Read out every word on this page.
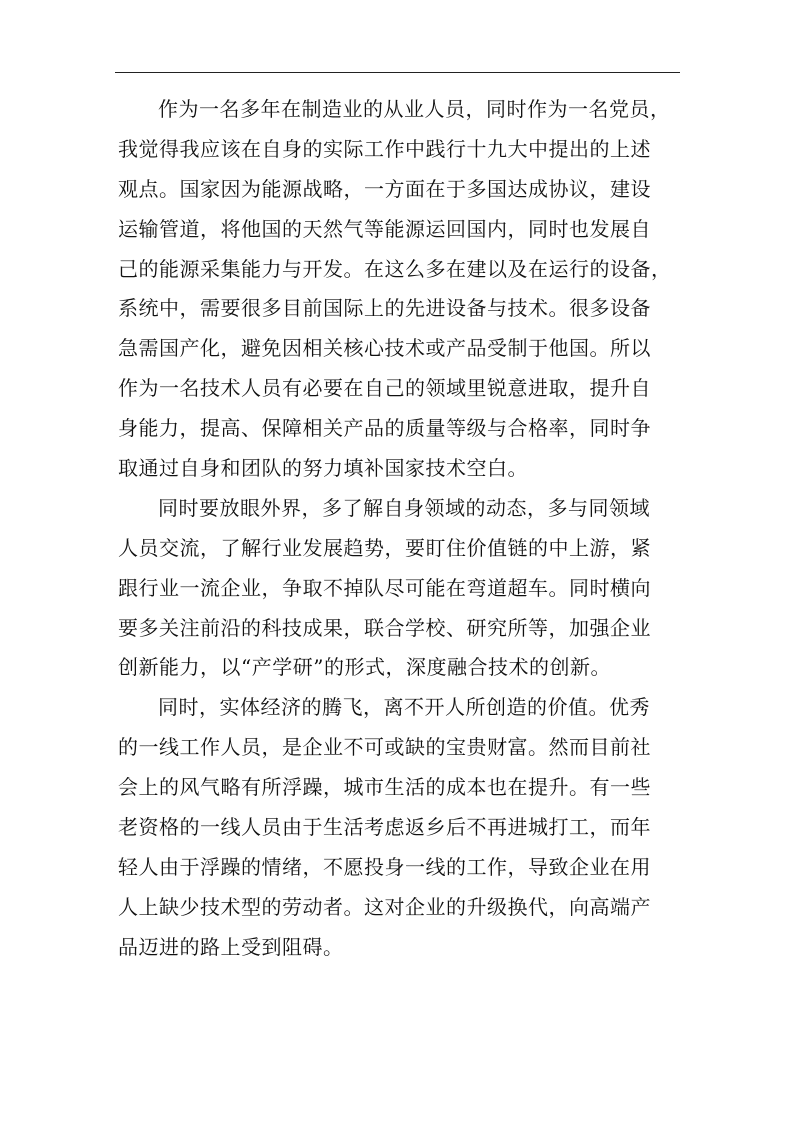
作为一名多年在制造业的从业人员，同时作为一名党员，
我觉得我应该在自身的实际工作中践行十九大中提出的上述
观点。国家因为能源战略，一方面在于多国达成协议，建设
运输管道，将他国的天然气等能源运回国内，同时也发展自
己的能源采集能力与开发。在这么多在建以及在运行的设备，
系统中，需要很多目前国际上的先进设备与技术。很多设备
急需国产化，避免因相关核心技术或产品受制于他国。所以
作为一名技术人员有必要在自己的领域里锐意进取，提升自
身能力，提高、保障相关产品的质量等级与合格率，同时争
取通过自身和团队的努力填补国家技术空白。
同时要放眼外界，多了解自身领域的动态，多与同领域
人员交流，了解行业发展趋势，要盯住价值链的中上游，紧
跟行业一流企业，争取不掉队尽可能在弯道超车。同时横向
要多关注前沿的科技成果，联合学校、研究所等，加强企业
创新能力，以“产学研”的形式，深度融合技术的创新。
同时，实体经济的腾飞，离不开人所创造的价值。优秀
的一线工作人员，是企业不可或缺的宝贵财富。然而目前社
会上的风气略有所浮躁，城市生活的成本也在提升。有一些
老资格的一线人员由于生活考虑返乡后不再进城打工，而年
轻人由于浮躁的情绪，不愿投身一线的工作，导致企业在用
人上缺少技术型的劳动者。这对企业的升级换代，向高端产
品迈进的路上受到阻碍。
